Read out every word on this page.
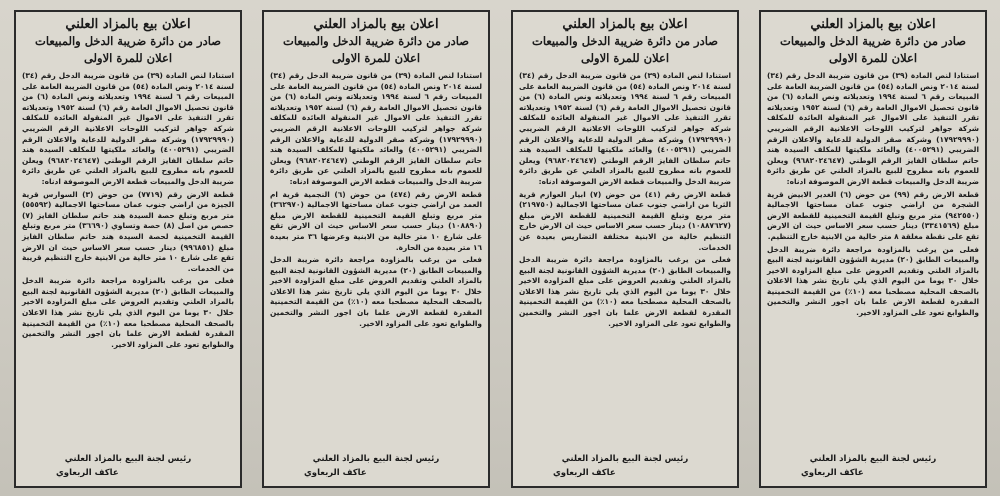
اعلان بيع بالمزاد العلني
صادر من دائرة ضريبة الدخل والمبيعات
اعلان للمرة الاولى

استنادا لنص المادة (٣٩) من قانون ضريبة الدخل رقم (٣٤) لسنة ٢٠١٤ ونص المادة (٥٤) من قانون الضريبة العامة على المبيعات رقم ٦ لسنة ١٩٩٤ وتعديلاته ونص المادة (٦) من قانون تحصيل الاموال العامة رقم (٦) لسنة ١٩٥٢ وتعديلاته تقرر التنفيذ على الاموال غير المنقولة العائدة للمكلف شركة جواهر لتركيب اللوحات الاعلانية الرقم الضريبي (١٧٩٢٩٩٩٠) وشركة صقر الدولية للدعاية والاعلان الرقم الضريبي (٤٠٠٥٢٩١) والعائد ملكيتها للمكلف السيدة هند حاتم سلطان الفايز الرقم الوطني (٩٦٨٢٠٢٤٦٤٧) ويعلن للعموم بانه مطروح للبيع بالمزاد العلني عن طريق دائرة ضريبة الدخل والمبيعات قطعة الارض الموصوفة ادناه:

قطعة الارض رقم (٩٩) من حوض (٦) الغدير الابيض قرية الشجرة من اراضي جنوب عمان مساحتها الاجمالية (٩٤٢٥٥٠) متر مربع وتبلغ القيمة التخمينية للقطعة الارض مبلغ (٣٣٤١٥٦٩) دينار حسب سعر الاساس حيث ان الارض تقع على نقطة مغلقة ٨ متر خالية من الابنية خارج التنظيم.

فعلى من يرغب بالمزاودة مراجعة دائرة ضريبة الدخل والمبيعات الطابق (٢٠) مديرية الشؤون القانونية لجنة البيع بالمزاد العلني وتقديم العروض على مبلغ المزاودة الاخير خلال ٣٠ يوما من اليوم الذي يلي تاريخ نشر هذا الاعلان بالصحف المحلية مصطحبا معه (١٠٪) من القيمة التخمينية المقدرة لقطعة الارض علما بان اجور النشر والتخمين والطوابع تعود على المزاود الاخير.

رئيس لجنة البيع بالمزاد العلني
عاكف الربعاوي
اعلان بيع بالمزاد العلني
صادر من دائرة ضريبة الدخل والمبيعات
اعلان للمرة الاولى

استنادا لنص المادة (٣٩) من قانون ضريبة الدخل رقم (٣٤) لسنة ٢٠١٤ ونص المادة (٥٤) من قانون الضريبة العامة على المبيعات رقم ٦ لسنة ١٩٩٤ وتعديلاته ونص المادة (٦) من قانون تحصيل الاموال العامة رقم (٦) لسنة ١٩٥٢ وتعديلاته تقرر التنفيذ على الاموال غير المنقولة العائدة للمكلف شركة جواهر لتركيب اللوحات الاعلانية الرقم الضريبي (١٧٩٢٩٩٩٠) وشركة صقر الدولية للدعاية والاعلان الرقم الضريبي (٤٠٠٥٢٩١) والعائد ملكيتها للمكلف السيدة هند حاتم سلطان الفايز الرقم الوطني (٩٦٨٢٠٢٤٦٤٧) ويعلن للعموم بانه مطروح للبيع بالمزاد العلني عن طريق دائرة ضريبة الدخل والمبيعات قطعة الارض الموصوفة ادناه:

قطعة الارض رقم (٤١) من حوض (٧) ابيار العوازم قرية الثريا من اراضي جنوب عمان مساحتها الاجمالية (٢١٩٧٥٠) متر مربع وتبلغ القيمة التخمينية للقطعة الارض مبلغ (١٠٨٨٧٦٢٧) دينار حسب سعر الاساس حيث ان الارض خارج التنظيم خالية من الابنية مختلفة التضاريس بعيدة عن الخدمات.

فعلى من يرغب بالمزاودة مراجعة دائرة ضريبة الدخل والمبيعات الطابق (٢٠) مديرية الشؤون القانونية لجنة البيع بالمزاد العلني وتقديم العروض على مبلغ المزاودة الاخير خلال ٣٠ يوما من اليوم الذي يلي تاريخ نشر هذا الاعلان بالصحف المحلية مصطحبا معه (١٠٪) من القيمة التخمينية المقدرة لقطعة الارض علما بان اجور النشر والتخمين والطوابع تعود على المزاود الاخير.

رئيس لجنة البيع بالمزاد العلني
عاكف الربعاوي
اعلان بيع بالمزاد العلني
صادر من دائرة ضريبة الدخل والمبيعات
اعلان للمرة الاولى

استنادا لنص المادة (٣٩) من قانون ضريبة الدخل رقم (٣٤) لسنة ٢٠١٤ ونص المادة (٥٤) من قانون الضريبة العامة على المبيعات رقم ٦ لسنة ١٩٩٤ وتعديلاته ونص المادة (٦) من قانون تحصيل الاموال العامة رقم (٦) لسنة ١٩٥٢ وتعديلاته تقرر التنفيذ على الاموال غير المنقولة العائدة للمكلف شركة جواهر لتركيب اللوحات الاعلانية الرقم الضريبي (١٧٩٢٩٩٩٠) وشركة صقر الدولية للدعاية والاعلان الرقم الضريبي (٤٠٠٥٢٩١) والعائد ملكيتها للمكلف السيدة هند حاتم سلطان الفايز الرقم الوطني (٩٦٨٢٠٢٤٦٤٧) ويعلن للعموم بانه مطروح للبيع بالمزاد العلني عن طريق دائرة ضريبة الدخل والمبيعات قطعة الارض الموصوفة ادناه:

قطعة الارض رقم (٤٧٤) من حوض (٦) النجمية قرية ام العمد من اراضي جنوب عمان مساحتها الاجمالية (٣٦٢٩٧٠) متر مربع وتبلغ القيمة التخمينية للقطعة الارض مبلغ (١٠٨٨٩٠) دينار حسب سعر الاساس حيث ان الارض تقع على شارع ١٠ متر خالية من الابنية وعرضها ٣٦ متر بعيدة ١٦ متر بعيدة من الحارة.

فعلى من يرغب بالمزاودة مراجعة دائرة ضريبة الدخل والمبيعات الطابق (٢٠) مديرية الشؤون القانونية لجنة البيع بالمزاد العلني وتقديم العروض على مبلغ المزاودة الاخير خلال ٣٠ يوما من اليوم الذي يلي تاريخ نشر هذا الاعلان بالصحف المحلية مصطحبا معه (١٠٪) من القيمة التخمينية المقدرة لقطعة الارض علما بان اجور النشر والتخمين والطوابع تعود على المزاود الاخير.

رئيس لجنة البيع بالمزاد العلني
عاكف الربعاوي
اعلان بيع بالمزاد العلني
صادر من دائرة ضريبة الدخل والمبيعات
اعلان للمرة الاولى

استنادا لنص المادة (٣٩) من قانون ضريبة الدخل رقم (٣٤) لسنة ٢٠١٤ ونص المادة (٥٤) من قانون الضريبة العامة على المبيعات رقم ٦ لسنة ١٩٩٤ وتعديلاته ونص المادة (٦) من قانون تحصيل الاموال العامة رقم (٦) لسنة ١٩٥٢ وتعديلاته تقرر التنفيذ على الاموال غير المنقولة العائدة للمكلف شركة جواهر لتركيب اللوحات الاعلانية الرقم الضريبي (١٧٩٢٩٩٩٠) وشركة صقر الدولية للدعاية والاعلان الرقم الضريبي (٤٠٠٥٢٩١) والعائد ملكيتها للمكلف السيدة هند حاتم سلطان الفايز الرقم الوطني (٩٦٨٢٠٢٤٦٤٧) ويعلن للعموم بانه مطروح للبيع بالمزاد العلني عن طريق دائرة ضريبة الدخل والمبيعات قطعة الارض الموصوفة ادناه:

قطعة الارض رقم (٧٧١٩) من حوض (٣) السوارس قرية الجيزة من اراضي جنوب عمان مساحتها الاجمالية (٥٥٥٩٢) متر مربع وتبلغ حصة السيدة هند حاتم سلطان الفايز (٧) حصص من اصل (٨) حصة وتساوي (٣٦٦٩٠) متر مربع وتبلغ القيمة التخمينية لحصة السيدة هند حاتم سلطان الفايز مبلغ (٩٩٦٨٥١) دينار حسب سعر الاساس حيث ان الارض تقع على شارع ١٠ متر خالية من الابنية خارج التنظيم قريبة من الخدمات.

فعلى من يرغب بالمزاودة مراجعة دائرة ضريبة الدخل والمبيعات الطابق (٢٠) مديرية الشؤون القانونية لجنة البيع بالمزاد العلني وتقديم العروض على مبلغ المزاودة الاخير خلال ٣٠ يوما من اليوم الذي يلي تاريخ نشر هذا الاعلان بالصحف المحلية مصطحبا معه (١٠٪) من القيمة التخمينية المقدرة لقطعة الارض علما بان اجور النشر والتخمين والطوابع تعود على المزاود الاخير.

رئيس لجنة البيع بالمزاد العلني
عاكف الربعاوي
